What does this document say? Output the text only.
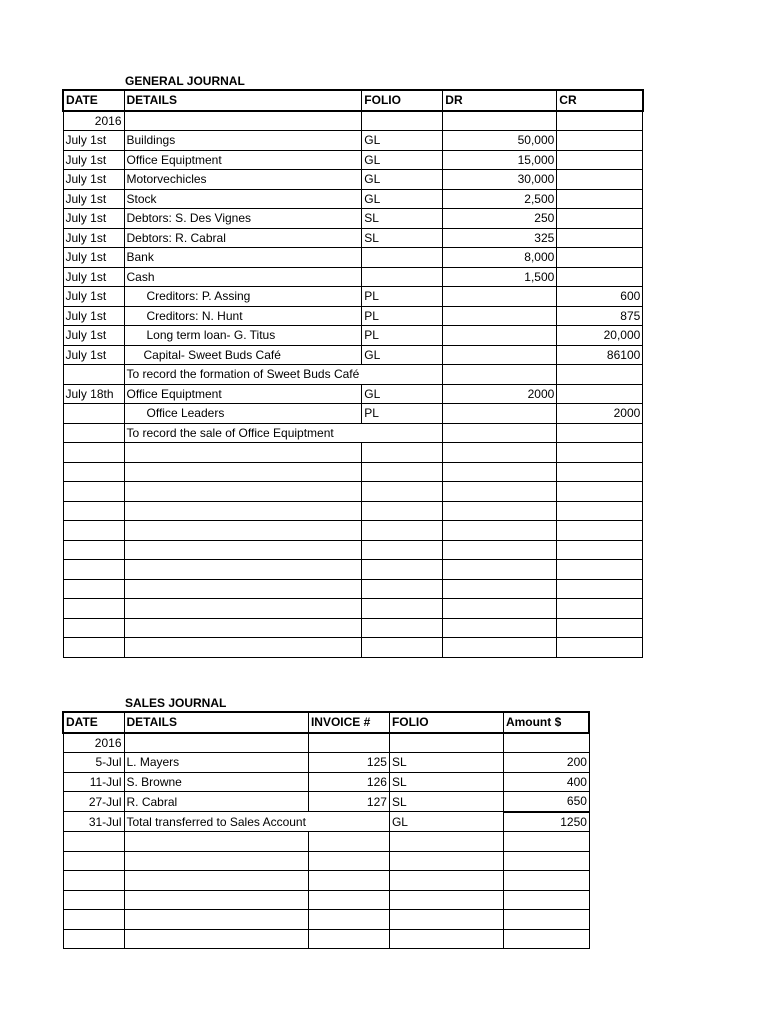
GENERAL JOURNAL
DATE	DETAILS	FOLIO	DR	CR
2016				
July 1st	Buildings	GL	50,000	
July 1st	Office Equiptment	GL	15,000	
July 1st	Motorvechicles	GL	30,000	
July 1st	Stock	GL	2,500	
July 1st	Debtors: S. Des Vignes	SL	250	
July 1st	Debtors: R. Cabral	SL	325	
July 1st	Bank		8,000	
July 1st	Cash		1,500	
July 1st	Creditors: P. Assing	PL		600
July 1st	Creditors: N. Hunt	PL		875
July 1st	Long term loan- G. Titus	PL		20,000
July 1st	Capital- Sweet Buds Café	GL		86100
	To record the formation of Sweet Buds Café			
July 18th	Office Equiptment	GL	2000	
	Office Leaders	PL		2000
	To record the sale of Office Equiptment			

SALES JOURNAL
DATE	DETAILS	INVOICE #	FOLIO	Amount $
2016				
5-Jul	L. Mayers	125	SL	200
11-Jul	S. Browne	126	SL	400
27-Jul	R. Cabral	127	SL	650
31-Jul	Total transferred to Sales Account		GL	1250
